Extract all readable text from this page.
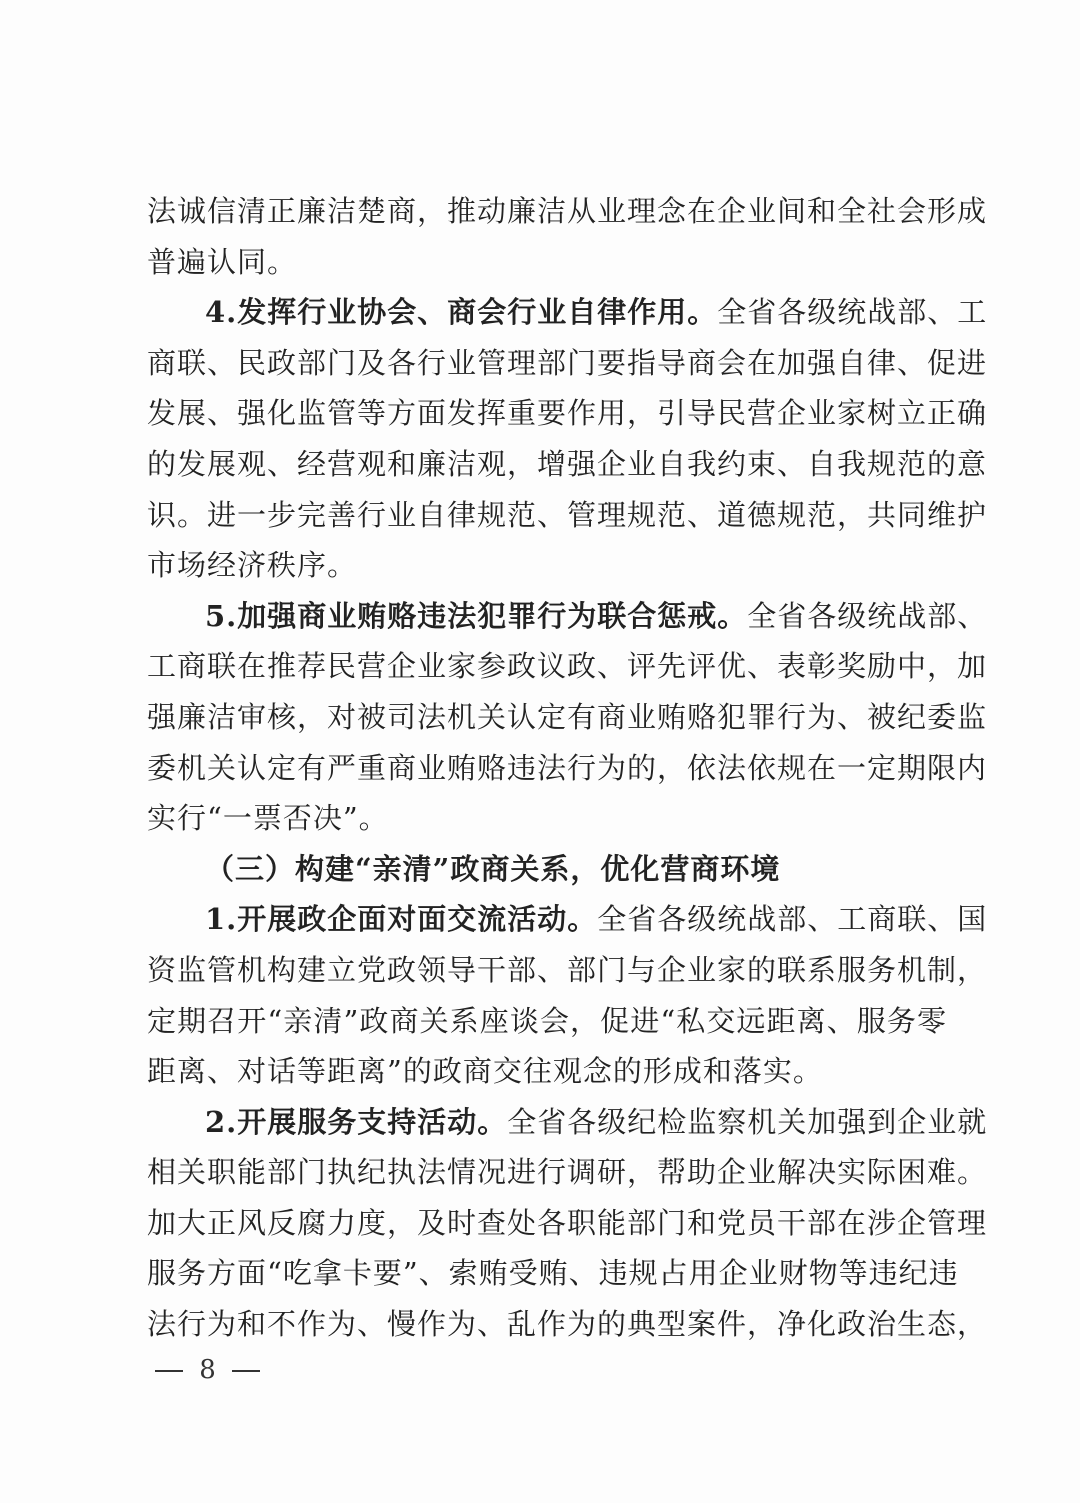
法诚信清正廉洁楚商，推动廉洁从业理念在企业间和全社会形成
普遍认同。
4.发挥行业协会、商会行业自律作用。全省各级统战部、工
商联、民政部门及各行业管理部门要指导商会在加强自律、促进
发展、强化监管等方面发挥重要作用，引导民营企业家树立正确
的发展观、经营观和廉洁观，增强企业自我约束、自我规范的意
识。进一步完善行业自律规范、管理规范、道德规范，共同维护
市场经济秩序。
5.加强商业贿赂违法犯罪行为联合惩戒。全省各级统战部、
工商联在推荐民营企业家参政议政、评先评优、表彰奖励中，加
强廉洁审核，对被司法机关认定有商业贿赂犯罪行为、被纪委监
委机关认定有严重商业贿赂违法行为的，依法依规在一定期限内
实行“一票否决”。
（三）构建“亲清”政商关系，优化营商环境
1.开展政企面对面交流活动。全省各级统战部、工商联、国
资监管机构建立党政领导干部、部门与企业家的联系服务机制，
定期召开“亲清”政商关系座谈会，促进“私交远距离、服务零
距离、对话等距离”的政商交往观念的形成和落实。
2.开展服务支持活动。全省各级纪检监察机关加强到企业就
相关职能部门执纪执法情况进行调研，帮助企业解决实际困难。
加大正风反腐力度，及时查处各职能部门和党员干部在涉企管理
服务方面“吃拿卡要”、索贿受贿、违规占用企业财物等违纪违
法行为和不作为、慢作为、乱作为的典型案件，净化政治生态，
8
